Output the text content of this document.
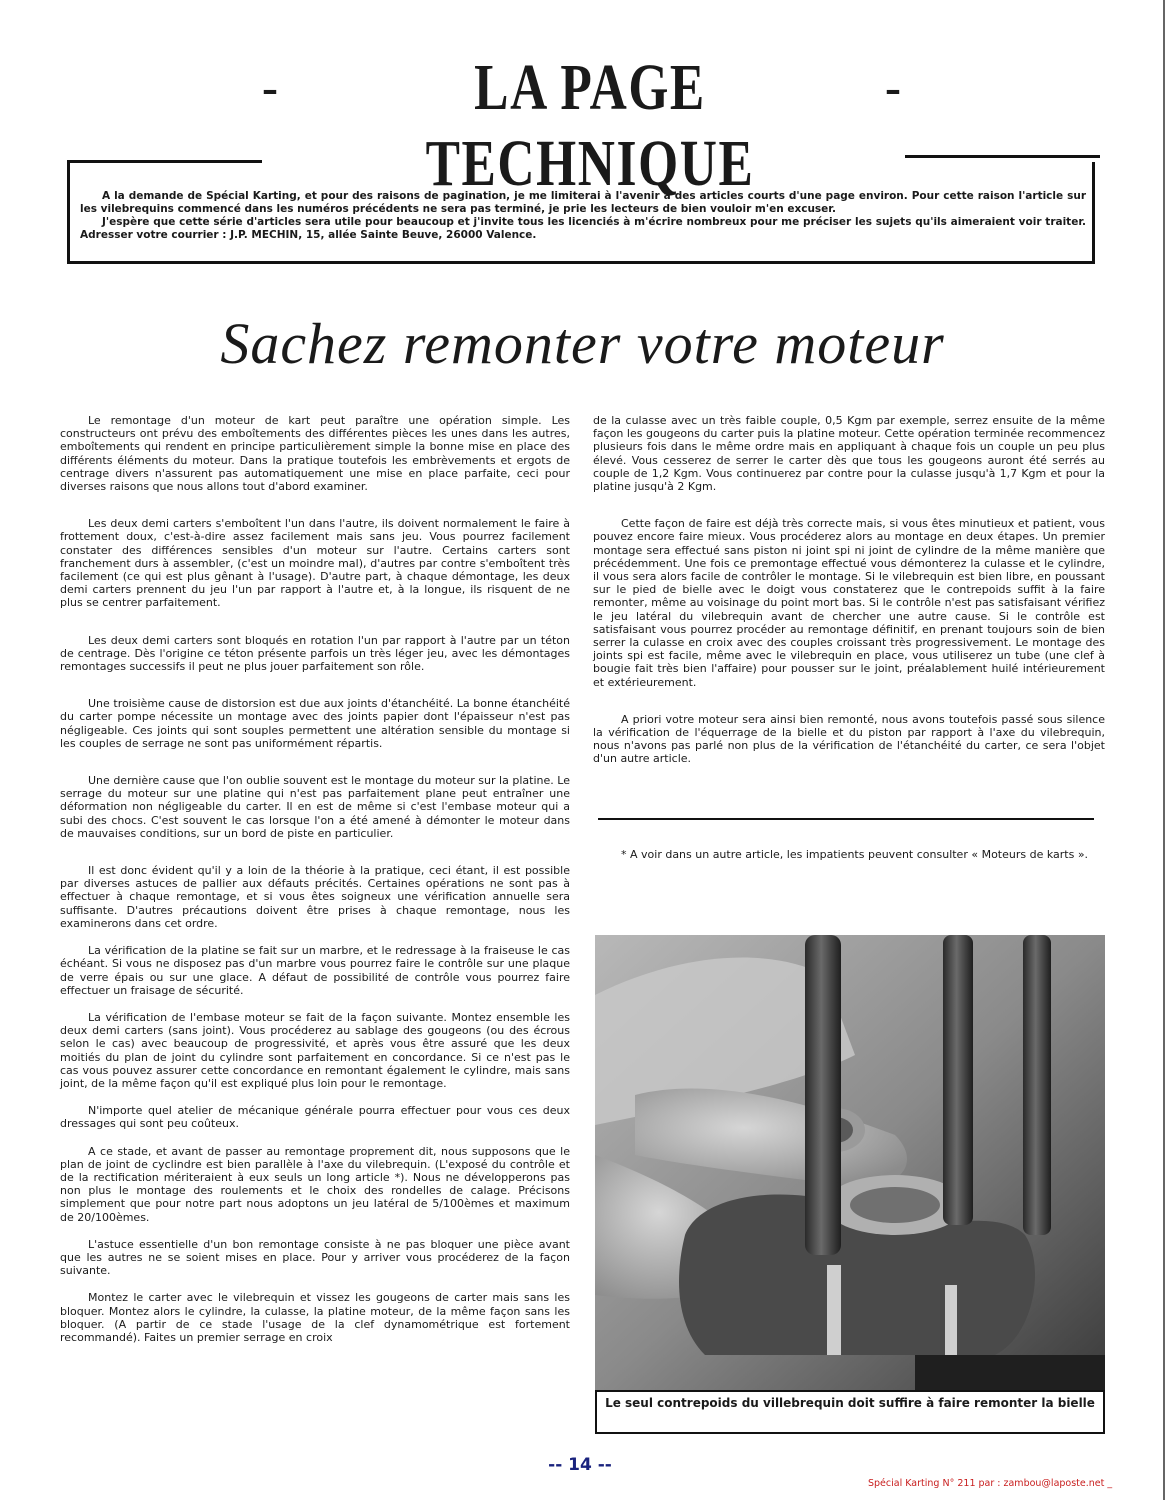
-	LA PAGE TECHNIQUE
-

A la demande de Spécial Karting, et pour des raisons de pagination, je me limiterai à l'avenir à des articles courts d'une page environ. Pour cette raison l'article sur les vilebrequins commencé dans les numéros précédents ne sera pas terminé, je prie les lecteurs de bien vouloir m'en excuser.

J'espère que cette série d'articles sera utile pour beaucoup et j'invite tous les licenciés à m'écrire nombreux pour me préciser les sujets qu'ils aimeraient voir traiter. Adresser votre courrier : J.P. MECHIN, 15, allée Sainte Beuve, 26000 Valence.

Sachez remonter votre moteur

Le remontage d'un moteur de kart peut paraître une opération simple. Les constructeurs ont prévu des emboîtements des différentes pièces les unes dans les autres, emboîtements qui rendent en principe particulièrement simple la bonne mise en place des différents éléments du moteur. Dans la pratique toutefois les embrèvements et ergots de centrage divers n'assurent pas automatiquement une mise en place parfaite, ceci pour diverses raisons que nous allons tout d'abord examiner.

Les deux demi carters s'emboîtent l'un dans l'autre, ils doivent normalement le faire à frottement doux, c'est-à-dire assez facilement mais sans jeu. Vous pourrez facilement constater des différences sensibles d'un moteur sur l'autre. Certains carters sont franchement durs à assembler, (c'est un moindre mal), d'autres par contre s'emboîtent très facilement (ce qui est plus gênant à l'usage). D'autre part, à chaque démontage, les deux demi carters prennent du jeu l'un par rapport à l'autre et, à la longue, ils risquent de ne plus se centrer parfaitement.

Les deux demi carters sont bloqués en rotation l'un par rapport à l'autre par un téton de centrage. Dès l'origine ce téton présente parfois un très léger jeu, avec les démontages remontages successifs il peut ne plus jouer parfaitement son rôle.

Une troisième cause de distorsion est due aux joints d'étanchéité. La bonne étanchéité du carter pompe nécessite un montage avec des joints papier dont l'épaisseur n'est pas négligeable. Ces joints qui sont souples permettent une altération sensible du montage si les couples de serrage ne sont pas uniformément répartis.

Une dernière cause que l'on oublie souvent est le montage du moteur sur la platine. Le serrage du moteur sur une platine qui n'est pas parfaitement plane peut entraîner une déformation non négligeable du carter. Il en est de même si c'est l'embase moteur qui a subi des chocs. C'est souvent le cas lorsque l'on a été amené à démonter le moteur dans de mauvaises conditions, sur un bord de piste en particulier.

Il est donc évident qu'il y a loin de la théorie à la pratique, ceci étant, il est possible par diverses astuces de pallier aux défauts précités. Certaines opérations ne sont pas à effectuer à chaque remontage, et si vous êtes soigneux une vérification annuelle sera suffisante. D'autres précautions doivent être prises à chaque remontage, nous les examinerons dans cet ordre.

La vérification de la platine se fait sur un marbre, et le redressage à la fraiseuse le cas échéant. Si vous ne disposez pas d'un marbre vous pourrez faire le contrôle sur une plaque de verre épais ou sur une glace. A défaut de possibilité de contrôle vous pourrez faire effectuer un fraisage de sécurité.

La vérification de l'embase moteur se fait de la façon suivante. Montez ensemble les deux demi carters (sans joint). Vous procéderez au sablage des gougeons (ou des écrous selon le cas) avec beaucoup de progressivité, et après vous être assuré que les deux moitiés du plan de joint du cylindre sont parfaitement en concordance. Si ce n'est pas le cas vous pouvez assurer cette concordance en remontant également le cylindre, mais sans joint, de la même façon qu'il est expliqué plus loin pour le remontage.

N'importe quel atelier de mécanique générale pourra effectuer pour vous ces deux dressages qui sont peu coûteux.

A ce stade, et avant de passer au remontage proprement dit, nous supposons que le plan de joint de cyclindre est bien parallèle à l'axe du vilebrequin. (L'exposé du contrôle et de la rectification mériteraient à eux seuls un long article *). Nous ne développerons pas non plus le montage des roulements et le choix des rondelles de calage. Précisons simplement que pour notre part nous adoptons un jeu latéral de 5/100èmes et maximum de 20/100èmes.

L'astuce essentielle d'un bon remontage consiste à ne pas bloquer une pièce avant que les autres ne se soient mises en place. Pour y arriver vous procéderez de la façon suivante.

Montez le carter avec le vilebrequin et vissez les gougeons de carter mais sans les bloquer. Montez alors le cylindre, la culasse, la platine moteur, de la même façon sans les bloquer. (A partir de ce stade l'usage de la clef dynamométrique est fortement recommandé). Faites un premier serrage en croix

de la culasse avec un très faible couple, 0,5 Kgm par exemple, serrez ensuite de la même façon les gougeons du carter puis la platine moteur. Cette opération terminée recommencez plusieurs fois dans le même ordre mais en appliquant à chaque fois un couple un peu plus élevé. Vous cesserez de serrer le carter dès que tous les gougeons auront été serrés au couple de 1,2 Kgm. Vous continuerez par contre pour la culasse jusqu'à 1,7 Kgm et pour la platine jusqu'à 2 Kgm.

Cette façon de faire est déjà très correcte mais, si vous êtes minutieux et patient, vous pouvez encore faire mieux. Vous procéderez alors au montage en deux étapes. Un premier montage sera effectué sans piston ni joint spi ni joint de cylindre de la même manière que précédemment. Une fois ce premontage effectué vous démonterez la culasse et le cylindre, il vous sera alors facile de contrôler le montage. Si le vilebrequin est bien libre, en poussant sur le pied de bielle avec le doigt vous constaterez que le contrepoids suffit à la faire remonter, même au voisinage du point mort bas. Si le contrôle n'est pas satisfaisant vérifiez le jeu latéral du vilebrequin avant de chercher une autre cause. Si le contrôle est satisfaisant vous pourrez procéder au remontage définitif, en prenant toujours soin de bien serrer la culasse en croix avec des couples croissant très progressivement. Le montage des joints spi est facile, même avec le vilebrequin en place, vous utiliserez un tube (une clef à bougie fait très bien l'affaire) pour pousser sur le joint, préalablement huilé intérieurement et extérieurement.

A priori votre moteur sera ainsi bien remonté, nous avons toutefois passé sous silence la vérification de l'équerrage de la bielle et du piston par rapport à l'axe du vilebrequin, nous n'avons pas parlé non plus de la vérification de l'étanchéité du carter, ce sera l'objet d'un autre article.

* A voir dans un autre article, les impatients peuvent consulter « Moteurs de karts ».
Le seul contrepoids du villebrequin doit suffire à faire remonter la bielle
-- 14 --
Spécial Karting N° 211 par : zambou@laposte.net _
